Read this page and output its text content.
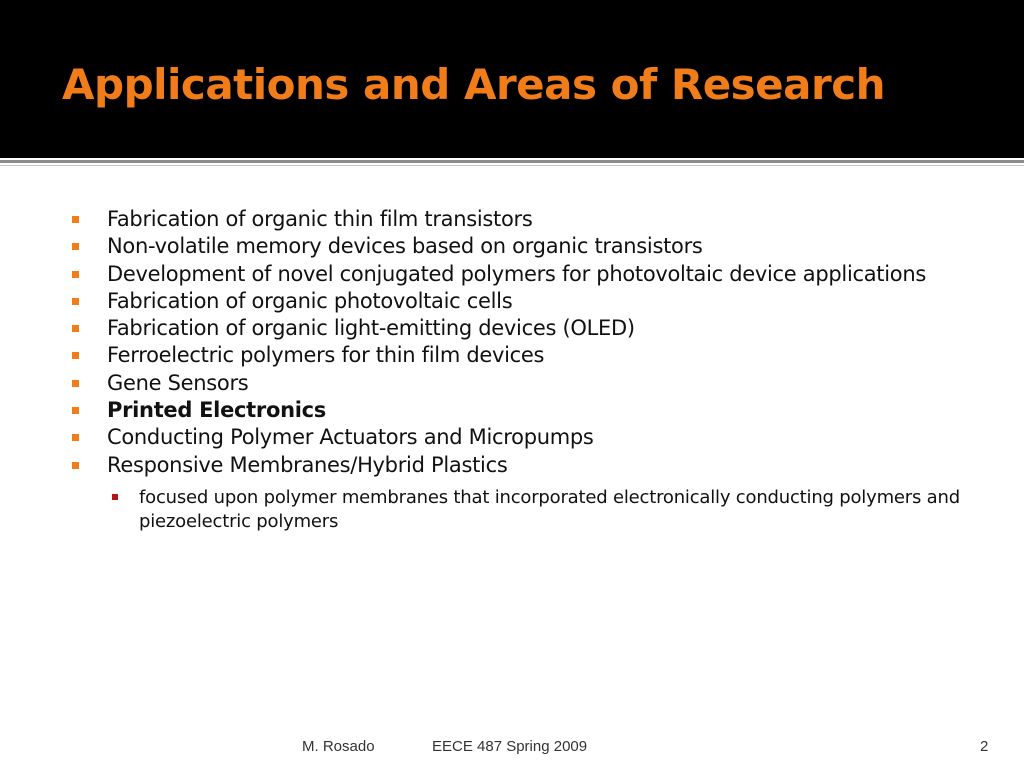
Applications and Areas of Research
Fabrication of organic thin film transistors
Non-volatile memory devices based on organic transistors
Development of novel conjugated polymers for photovoltaic device applications
Fabrication of organic photovoltaic cells
Fabrication of organic light-emitting devices (OLED)
Ferroelectric polymers for thin film devices
Gene Sensors
Printed Electronics
Conducting Polymer Actuators and Micropumps
Responsive Membranes/Hybrid Plastics
focused upon polymer membranes that incorporated electronically conducting polymers and piezoelectric polymers
M. Rosado	EECE 487 Spring 2009	2
